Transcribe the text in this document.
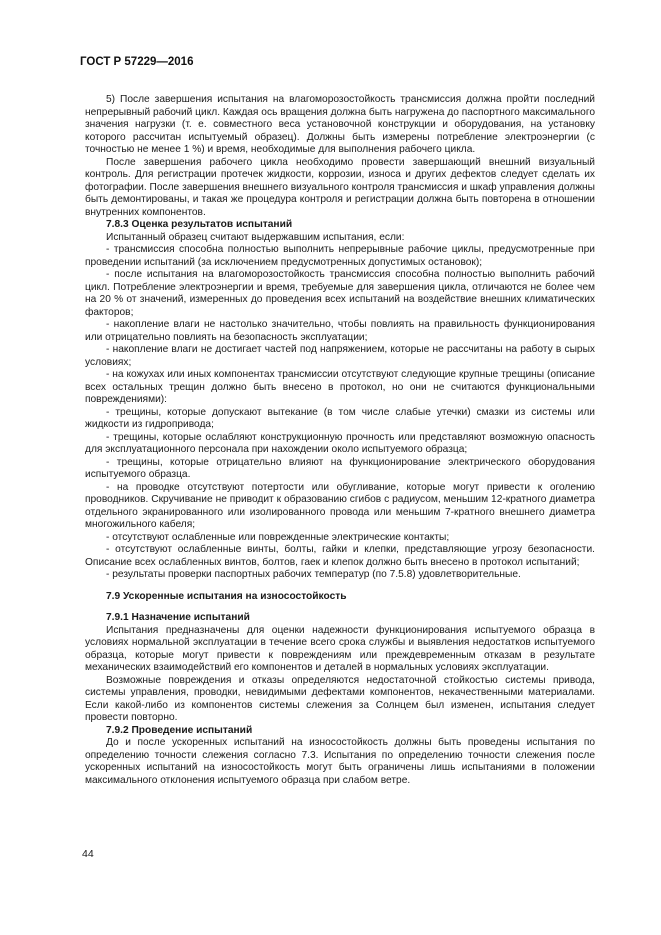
ГОСТ Р 57229—2016

5) После завершения испытания на влагоморозостойкость трансмиссия должна пройти последний непрерывный рабочий цикл. Каждая ось вращения должна быть нагружена до паспортного максимального значения нагрузки (т. е. совместного веса установочной конструкции и оборудования, на установку которого рассчитан испытуемый образец). Должны быть измерены потребление электроэнергии (с точностью не менее 1 %) и время, необходимые для выполнения рабочего цикла.

После завершения рабочего цикла необходимо провести завершающий внешний визуальный контроль. Для регистрации протечек жидкости, коррозии, износа и других дефектов следует сделать их фотографии. После завершения внешнего визуального контроля трансмиссия и шкаф управления должны быть демонтированы, и такая же процедура контроля и регистрации должна быть повторена в отношении внутренних компонентов.

7.8.3 Оценка результатов испытаний

Испытанный образец считают выдержавшим испытания, если:

- трансмиссия способна полностью выполнить непрерывные рабочие циклы, предусмотренные при проведении испытаний (за исключением предусмотренных допустимых остановок);

- после испытания на влагоморозостойкость трансмиссия способна полностью выполнить рабочий цикл. Потребление электроэнергии и время, требуемые для завершения цикла, отличаются не более чем на 20 % от значений, измеренных до проведения всех испытаний на воздействие внешних климатических факторов;

- накопление влаги не настолько значительно, чтобы повлиять на правильность функционирования или отрицательно повлиять на безопасность эксплуатации;

- накопление влаги не достигает частей под напряжением, которые не рассчитаны на работу в сырых условиях;

- на кожухах или иных компонентах трансмиссии отсутствуют следующие крупные трещины (описание всех остальных трещин должно быть внесено в протокол, но они не считаются функциональными повреждениями):

- трещины, которые допускают вытекание (в том числе слабые утечки) смазки из системы или жидкости из гидропривода;

- трещины, которые ослабляют конструкционную прочность или представляют возможную опасность для эксплуатационного персонала при нахождении около испытуемого образца;

- трещины, которые отрицательно влияют на функционирование электрического оборудования испытуемого образца.

- на проводке отсутствуют потертости или обугливание, которые могут привести к оголению проводников. Скручивание не приводит к образованию сгибов с радиусом, меньшим 12-кратного диаметра отдельного экранированного или изолированного провода или меньшим 7-кратного внешнего диаметра многожильного кабеля;

- отсутствуют ослабленные или поврежденные электрические контакты;

- отсутствуют ослабленные винты, болты, гайки и клепки, представляющие угрозу безопасности. Описание всех ослабленных винтов, болтов, гаек и клепок должно быть внесено в протокол испытаний;

- результаты проверки паспортных рабочих температур (по 7.5.8) удовлетворительные.

7.9 Ускоренные испытания на износостойкость

7.9.1 Назначение испытаний

Испытания предназначены для оценки надежности функционирования испытуемого образца в условиях нормальной эксплуатации в течение всего срока службы и выявления недостатков испытуемого образца, которые могут привести к повреждениям или преждевременным отказам в результате механических взаимодействий его компонентов и деталей в нормальных условиях эксплуатации.

Возможные повреждения и отказы определяются недостаточной стойкостью системы привода, системы управления, проводки, невидимыми дефектами компонентов, некачественными материалами. Если какой-либо из компонентов системы слежения за Солнцем был изменен, испытания следует провести повторно.

7.9.2 Проведение испытаний

До и после ускоренных испытаний на износостойкость должны быть проведены испытания по определению точности слежения согласно 7.3. Испытания по определению точности слежения после ускоренных испытаний на износостойкость могут быть ограничены лишь испытаниями в положении максимального отклонения испытуемого образца при слабом ветре.

44
